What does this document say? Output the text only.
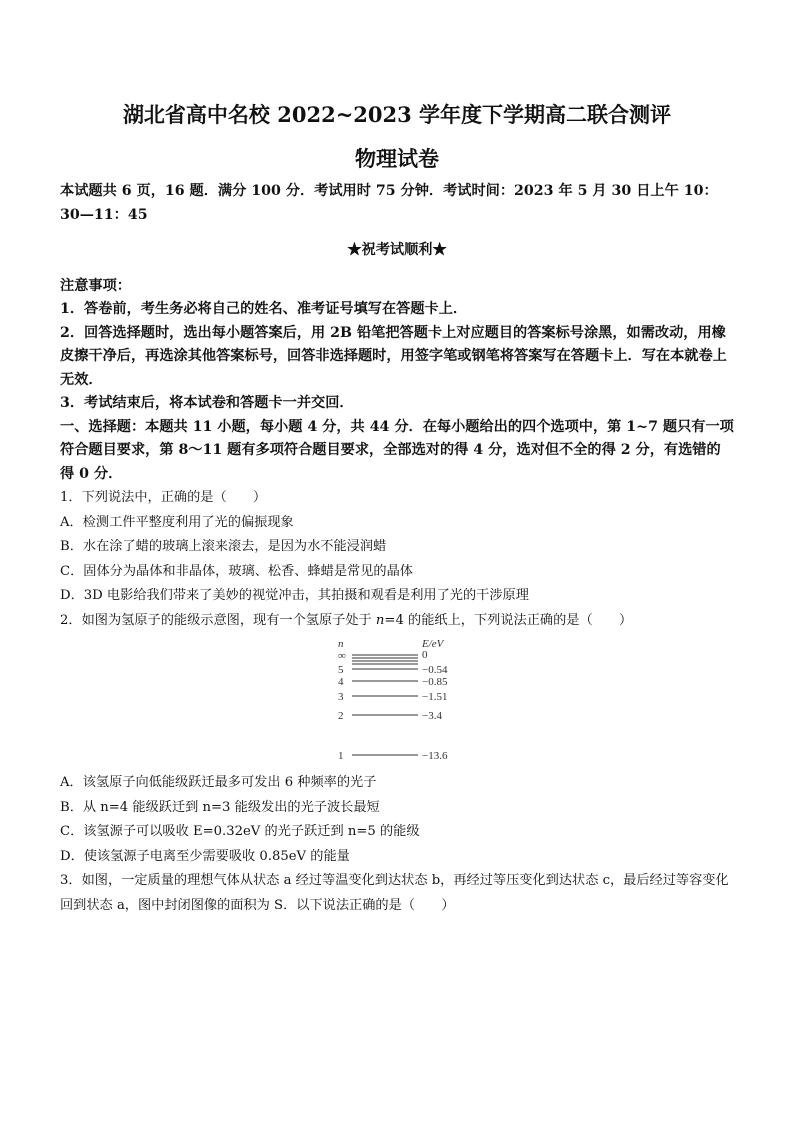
湖北省高中名校 2022~2023 学年度下学期高二联合测评
物理试卷
本试题共 6 页，16 题．满分 100 分．考试用时 75 分钟．考试时间：2023 年 5 月 30 日上午 10：30—11：45
★祝考试顺利★
注意事项：
1．答卷前，考生务必将自己的姓名、准考证号填写在答题卡上．
2．回答选择题时，选出每小题答案后，用 2B 铅笔把答题卡上对应题目的答案标号涂黑，如需改动，用橡皮擦干净后，再选涂其他答案标号，回答非选择题时，用签字笔或钢笔将答案写在答题卡上．写在本就卷上无效．
3．考试结束后，将本试卷和答题卡一并交回．
一、选择题：本题共 11 小题，每小题 4 分，共 44 分．在每小题给出的四个选项中，第 1~7 题只有一项符合题目要求，第 8～11 题有多项符合题目要求，全部选对的得 4 分，选对但不全的得 2 分，有选错的得 0 分．
1．下列说法中，正确的是（　　）
A．检测工件平整度利用了光的偏振现象
B．水在涂了蜡的玻璃上滚来滚去，是因为水不能浸润蜡
C．固体分为晶体和非晶体，玻璃、松香、蜂蜡是常见的晶体
D．3D 电影给我们带来了美妙的视觉冲击，其拍摄和观看是利用了光的干涉原理
2．如图为氢原子的能级示意图，现有一个氢原子处于 n=4 的能纸上，下列说法正确的是（　　）
n	E/eV
∞	0
5	−0.54
4	−0.85
3	−1.51
2	−3.4
1	−13.6
A．该氢原子向低能级跃迁最多可发出 6 种频率的光子
B．从 n=4 能级跃迁到 n=3 能级发出的光子波长最短
C．该氢源子可以吸收 E=0.32eV 的光子跃迁到 n=5 的能级
D．使该氢源子电离至少需要吸收 0.85eV 的能量
3．如图，一定质量的理想气体从状态 a 经过等温变化到达状态 b，再经过等压变化到达状态 c，最后经过等容变化回到状态 a，图中封闭图像的面积为 S．以下说法正确的是（　　）
